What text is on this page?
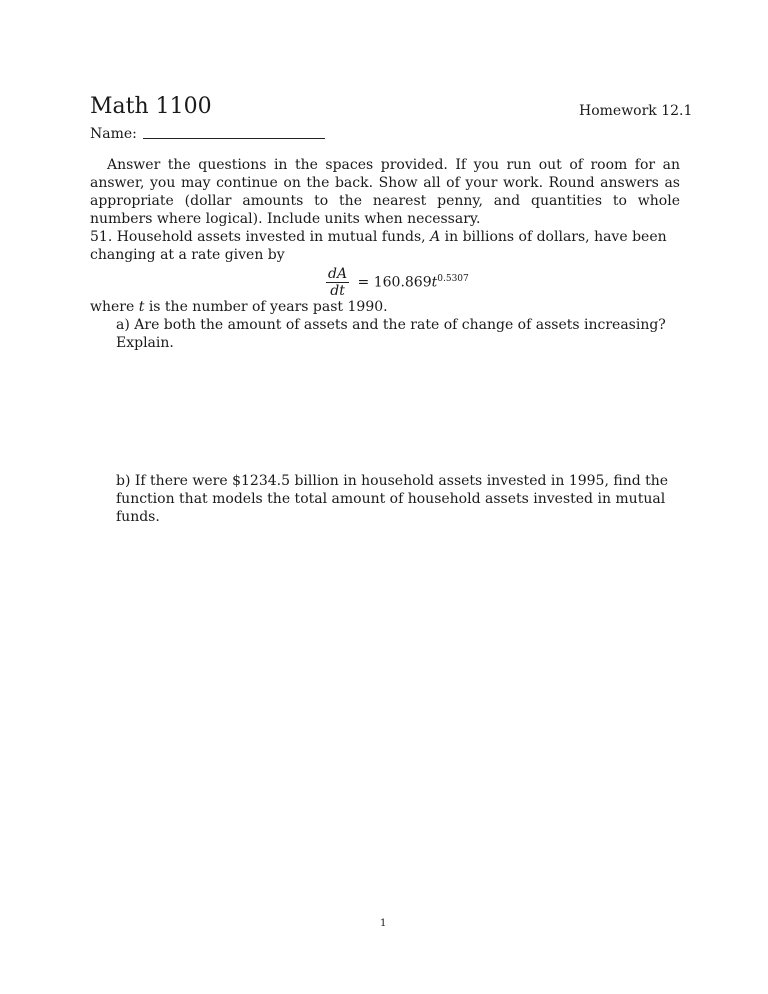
Math 1100	Homework 12.1
Name:
Answer the questions in the spaces provided. If you run out of room for an answer, you may continue on the back. Show all of your work. Round answers as appropriate (dollar amounts to the nearest penny, and quantities to whole numbers where logical). Include units when necessary.
51. Household assets invested in mutual funds, A in billions of dollars, have been changing at a rate given by
$\frac{dA}{dt} = 160.869t^{0.5307}$
where t is the number of years past 1990.
a) Are both the amount of assets and the rate of change of assets increasing? Explain.
b) If there were $1234.5 billion in household assets invested in 1995, find the function that models the total amount of household assets invested in mutual funds.
1
